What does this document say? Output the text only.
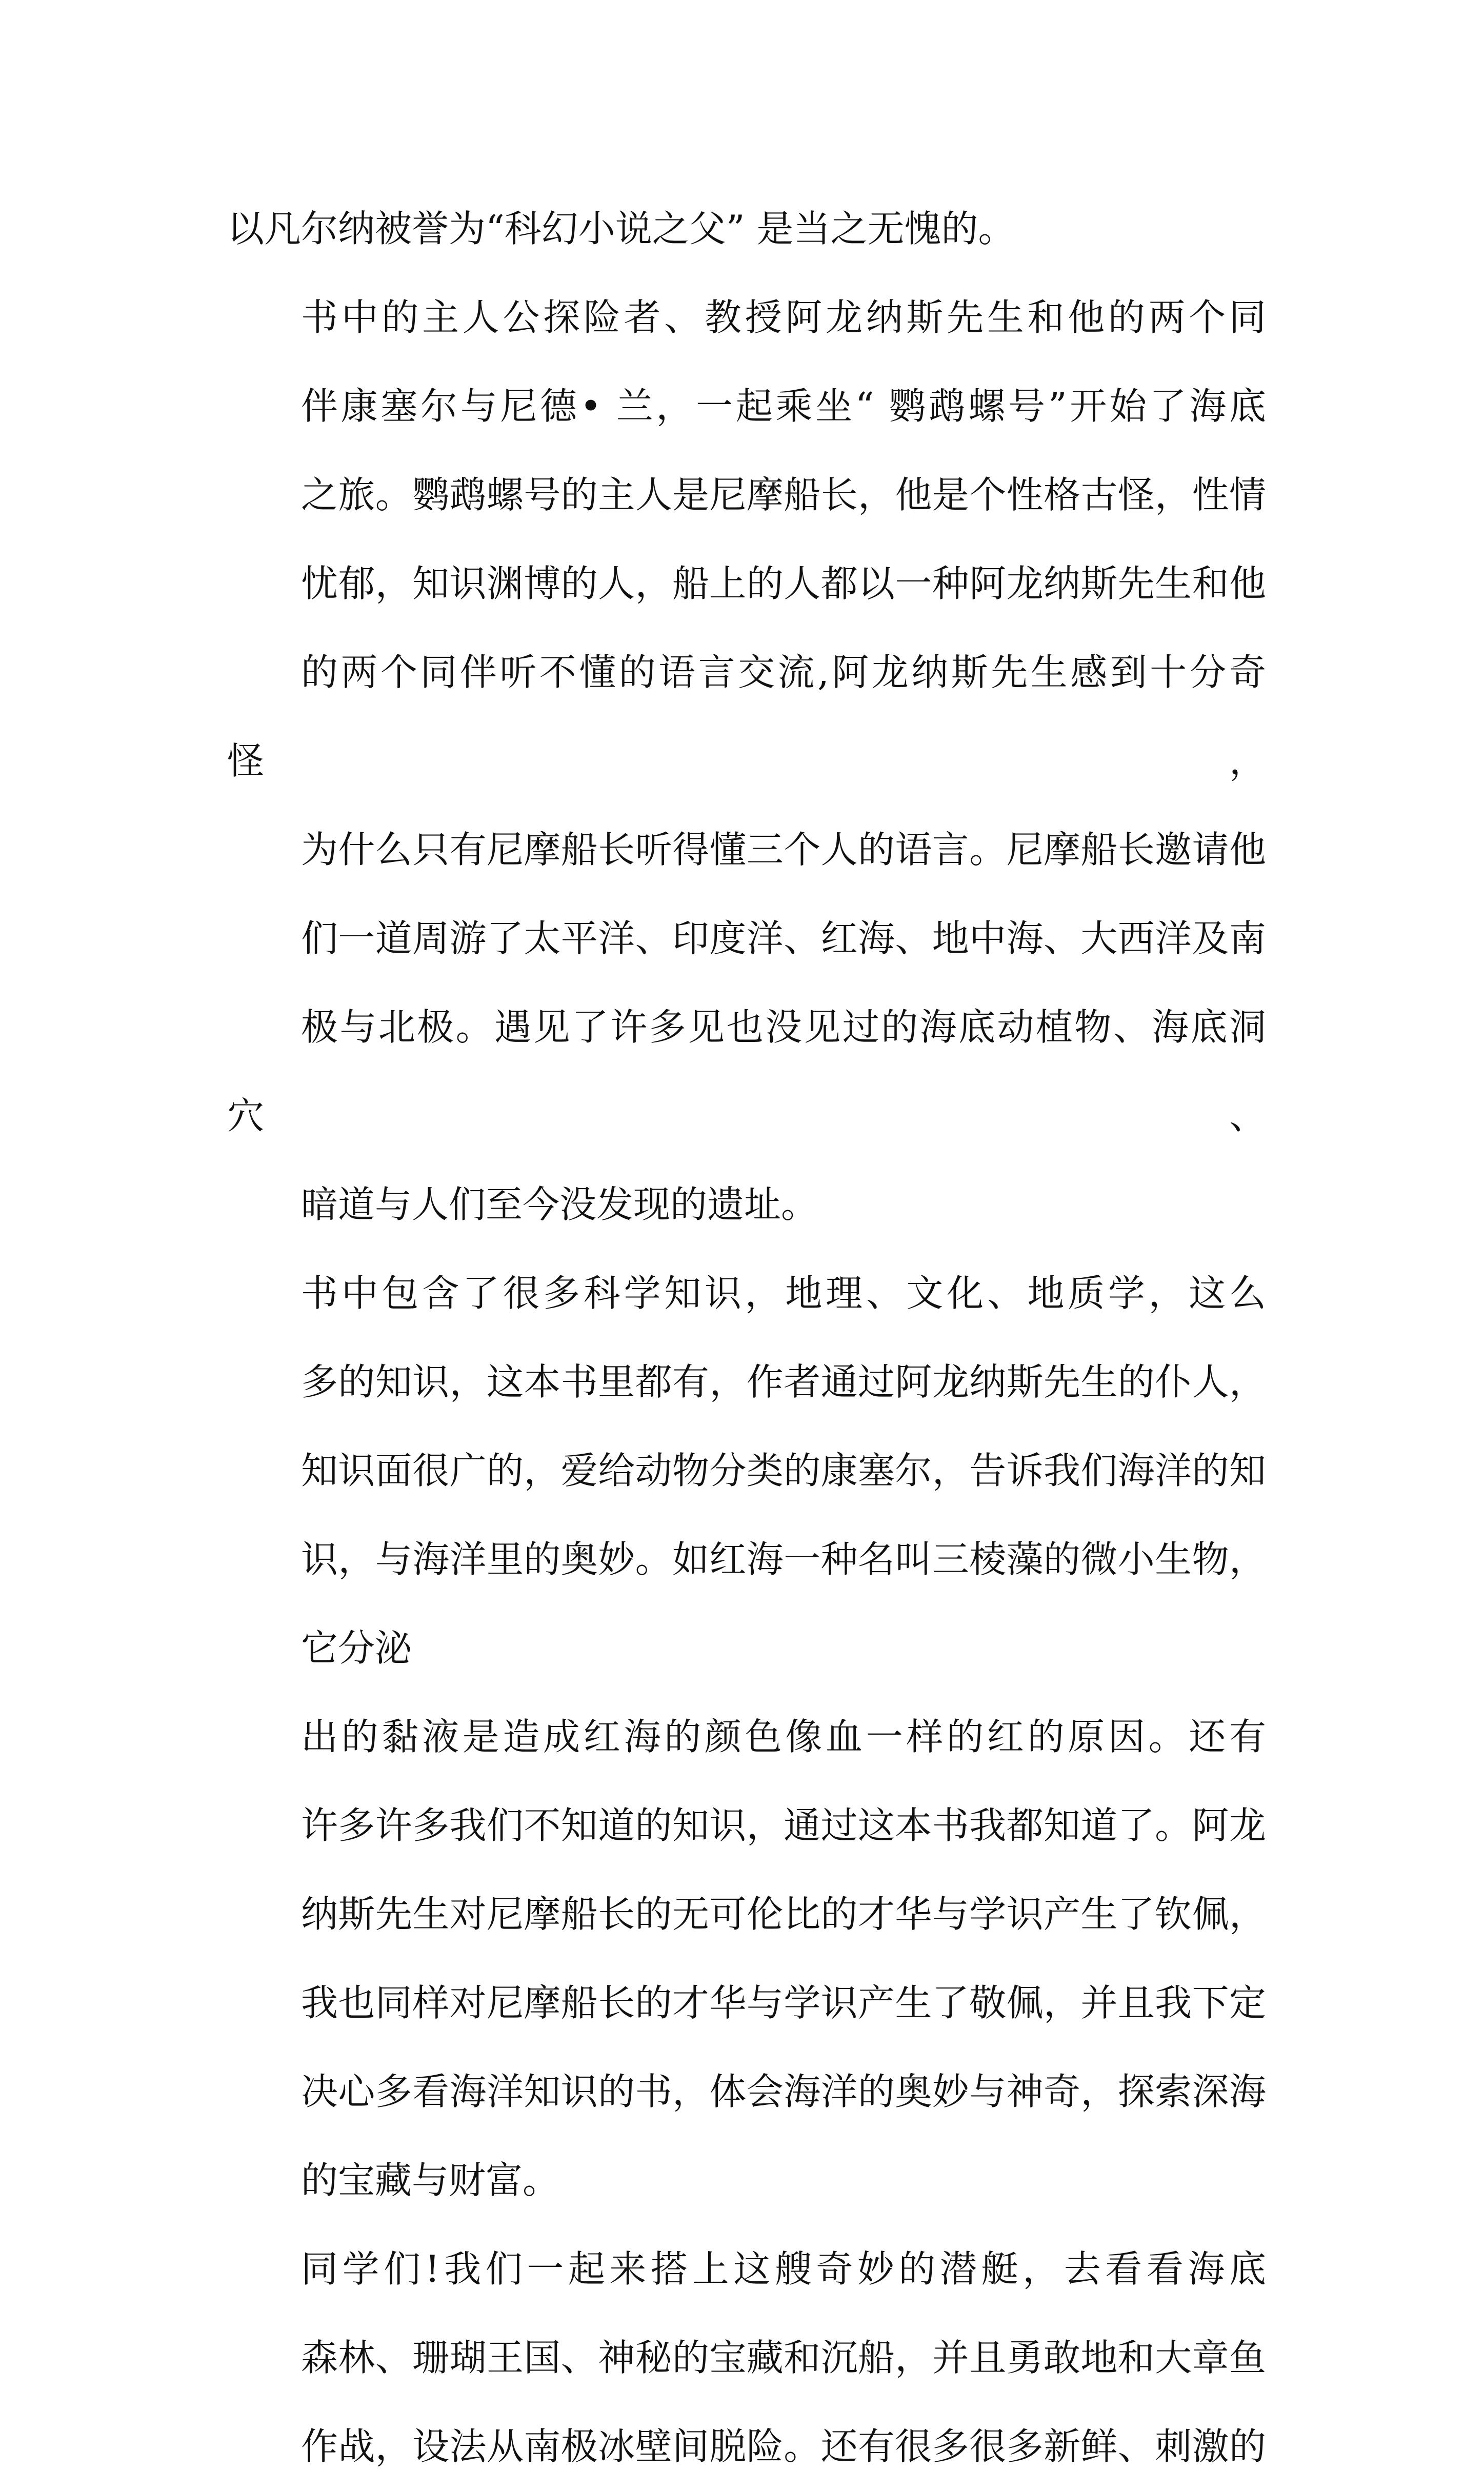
以凡尔纳被誉为“科幻小说之父” 是当之无愧的。

书中的主人公探险者、教授阿龙纳斯先生和他的两个同
伴康塞尔与尼德• 兰，一起乘坐“ 鹦鹉螺号”开始了海底
之旅。鹦鹉螺号的主人是尼摩船长，他是个性格古怪，性情
忧郁，知识渊博的人，船上的人都以一种阿龙纳斯先生和他
的两个同伴听不懂的语言交流,阿龙纳斯先生感到十分奇怪，
为什么只有尼摩船长听得懂三个人的语言。尼摩船长邀请他
们一道周游了太平洋、印度洋、红海、地中海、大西洋及南
极与北极。遇见了许多见也没见过的海底动植物、海底洞穴、
暗道与人们至今没发现的遗址。

书中包含了很多科学知识，地理、文化、地质学，这么
多的知识，这本书里都有，作者通过阿龙纳斯先生的仆人，
知识面很广的，爱给动物分类的康塞尔，告诉我们海洋的知
识，与海洋里的奥妙。如红海一种名叫三棱藻的微小生物，
它分泌

出的黏液是造成红海的颜色像血一样的红的原因。还有
许多许多我们不知道的知识，通过这本书我都知道了。阿龙
纳斯先生对尼摩船长的无可伦比的才华与学识产生了钦佩，
我也同样对尼摩船长的才华与学识产生了敬佩，并且我下定
决心多看海洋知识的书，体会海洋的奥妙与神奇，探索深海
的宝藏与财富。

同学们!我们一起来搭上这艘奇妙的潜艇，去看看海底
森林、珊瑚王国、神秘的宝藏和沉船，并且勇敢地和大章鱼
作战，设法从南极冰壁间脱险。还有很多很多新鲜、刺激的
